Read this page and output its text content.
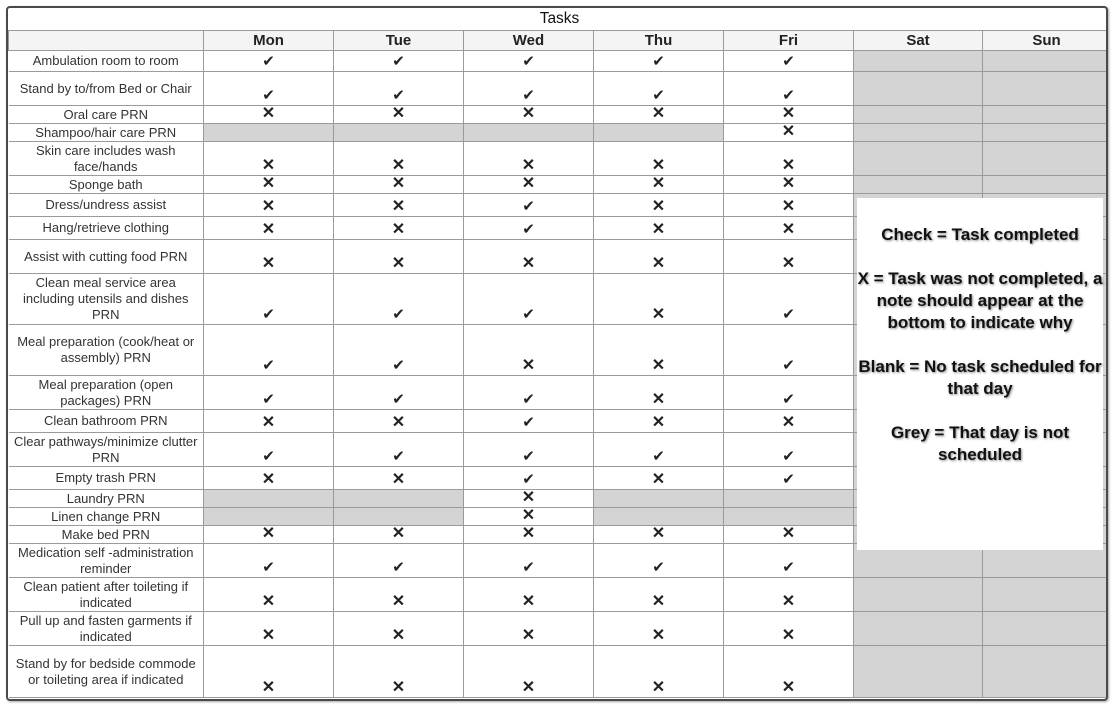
Tasks							
	Mon	Tue	Wed	Thu	Fri	Sat	Sun
Ambulation room to room	✔	✔	✔	✔	✔		
Stand by to/from Bed or Chair	✔	✔	✔	✔	✔		
Oral care PRN	✕	✕	✕	✕	✕		
Shampoo/hair care PRN					✕		
Skin care includes wash face/hands	✕	✕	✕	✕	✕		
Sponge bath	✕	✕	✕	✕	✕		
Dress/undress assist	✕	✕	✔	✕	✕		
Hang/retrieve clothing	✕	✕	✔	✕	✕		
Assist with cutting food PRN	✕	✕	✕	✕	✕		
Clean meal service area including utensils and dishes PRN	✔	✔	✔	✕	✔		
Meal preparation (cook/heat or assembly) PRN	✔	✔	✕	✕	✔		
Meal preparation (open packages) PRN	✔	✔	✔	✕	✔		
Clean bathroom PRN	✕	✕	✔	✕	✕		
Clear pathways/minimize clutter PRN	✔	✔	✔	✔	✔		
Empty trash PRN	✕	✕	✔	✕	✔		
Laundry PRN			✕				
Linen change PRN			✕				
Make bed PRN	✕	✕	✕	✕	✕		
Medication self -administration reminder	✔	✔	✔	✔	✔		
Clean patient after toileting if indicated	✕	✕	✕	✕	✕		
Pull up and fasten garments if indicated	✕	✕	✕	✕	✕		
Stand by for bedside commode or toileting area if indicated	✕	✕	✕	✕	✕		

Check = Task completed

X = Task was not completed, a note should appear at the bottom to indicate why

Blank = No task scheduled for that day

Grey = That day is not scheduled
